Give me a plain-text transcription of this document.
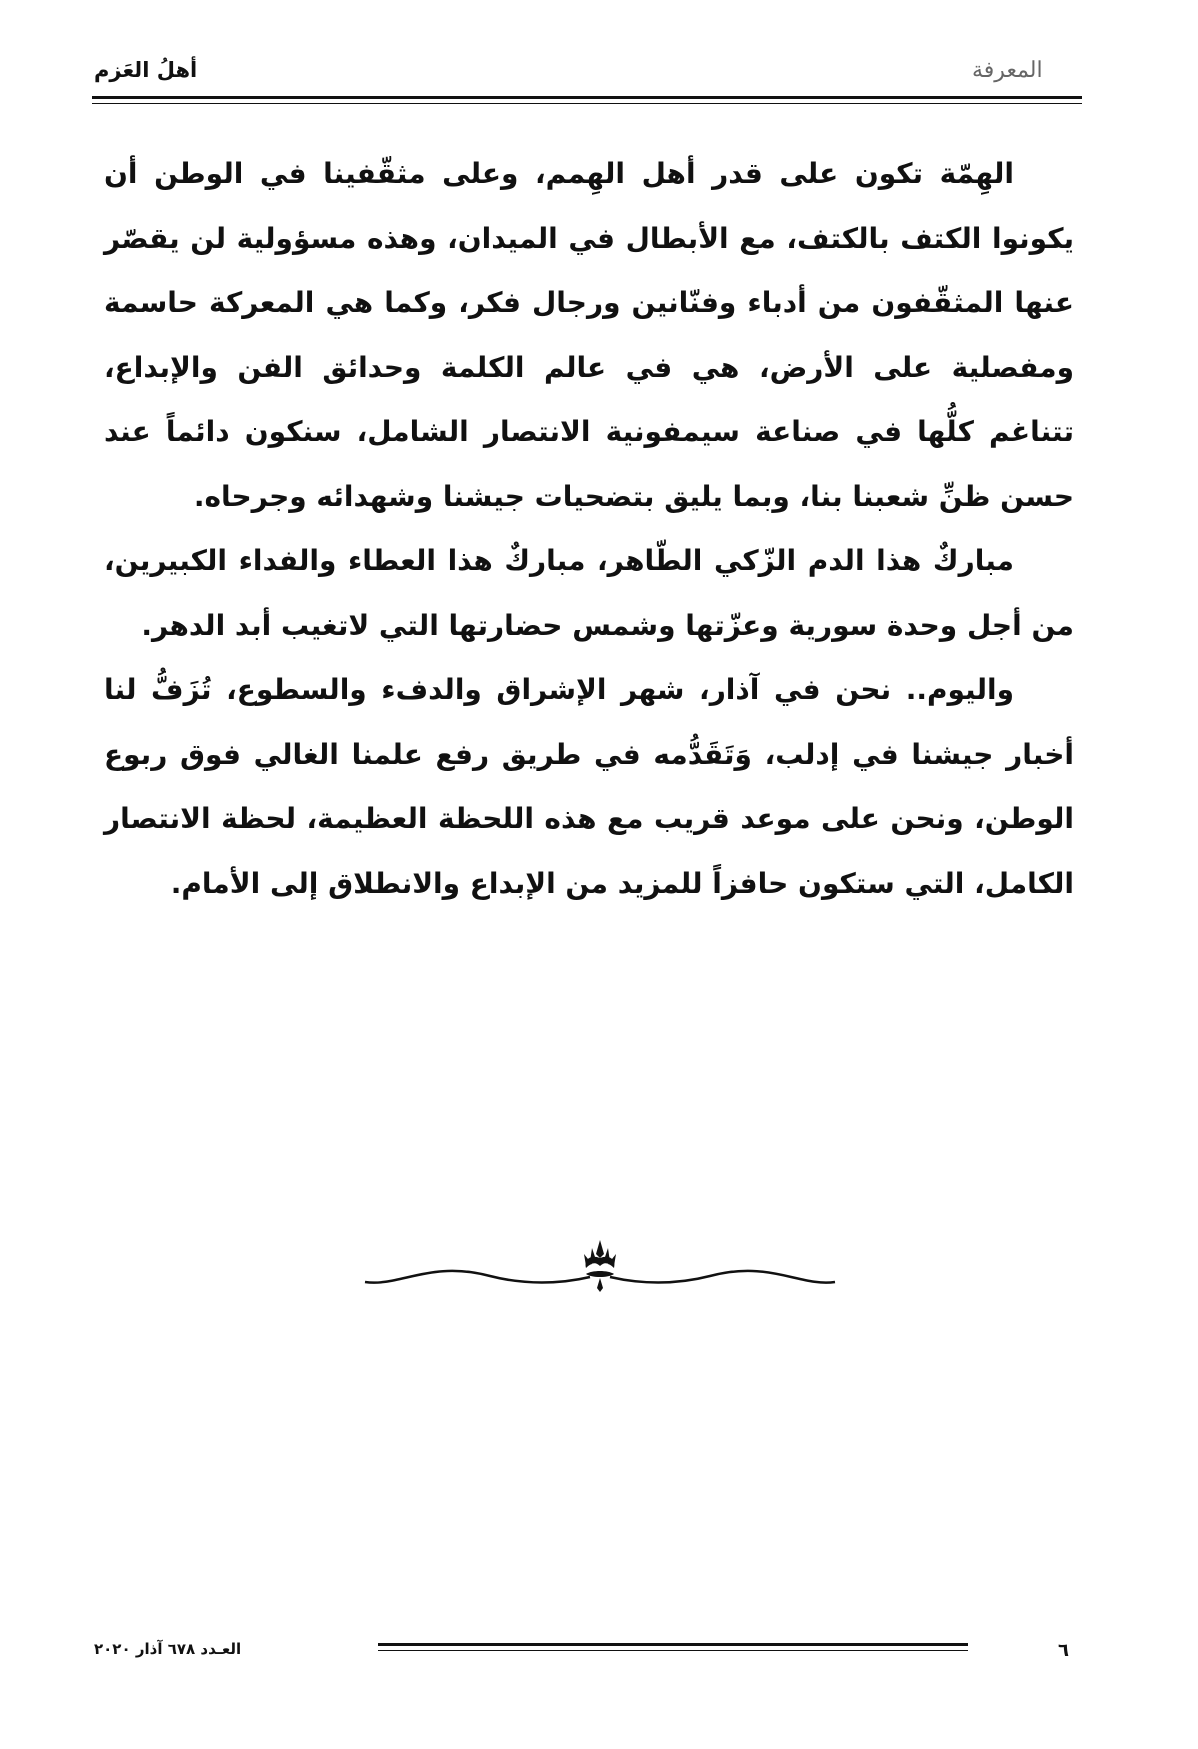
المعرفة
أهلُ العَزم

الهِمّة تكون على قدر أهل الهِمم، وعلى مثقّفينا في الوطن أن يكونوا الكتف بالكتف، مع الأبطال في الميدان، وهذه مسؤولية لن يقصّر عنها المثقّفون من أدباء وفنّانين ورجال فكر، وكما هي المعركة حاسمة ومفصلية على الأرض، هي في عالم الكلمة وحدائق الفن والإبداع، تتناغم كلُّها في صناعة سيمفونية الانتصار الشامل، سنكون دائماً عند حسن ظنِّ شعبنا بنا، وبما يليق بتضحيات جيشنا وشهدائه وجرحاه.

مباركٌ هذا الدم الزّكي الطّاهر، مباركٌ هذا العطاء والفداء الكبيرين، من أجل وحدة سورية وعزّتها وشمس حضارتها التي لاتغيب أبد الدهر.

واليوم.. نحن في آذار، شهر الإشراق والدفء والسطوع، تُزَفُّ لنا أخبار جيشنا في إدلب، وَتَقَدُّمه في طريق رفع علمنا الغالي فوق ربوع الوطن، ونحن على موعد قريب مع هذه اللحظة العظيمة، لحظة الانتصار الكامل، التي ستكون حافزاً للمزيد من الإبداع والانطلاق إلى الأمام.

٦
العـدد ٦٧٨ آذار ٢٠٢٠
